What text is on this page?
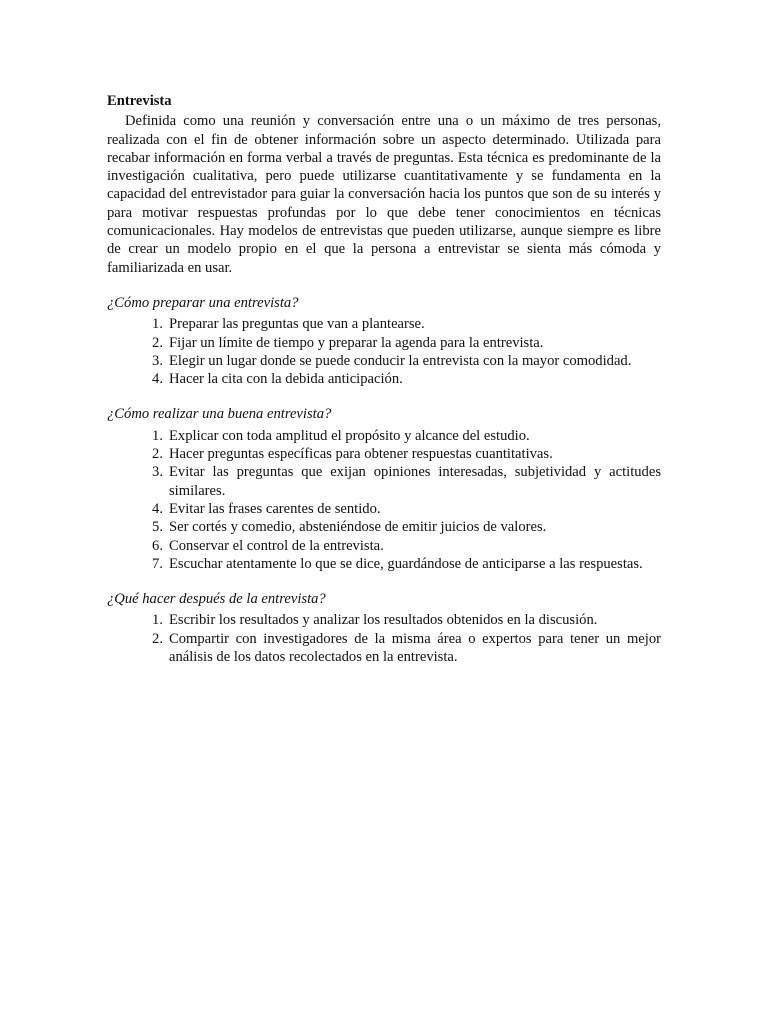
Entrevista

Definida como una reunión y conversación entre una o un máximo de tres personas, realizada con el fin de obtener información sobre un aspecto determinado. Utilizada para recabar información en forma verbal a través de preguntas. Esta técnica es predominante de la investigación cualitativa, pero puede utilizarse cuantitativamente y se fundamenta en la capacidad del entrevistador para guiar la conversación hacia los puntos que son de su interés y para motivar respuestas profundas por lo que debe tener conocimientos en técnicas comunicacionales. Hay modelos de entrevistas que pueden utilizarse, aunque siempre es libre de crear un modelo propio en el que la persona a entrevistar se sienta más cómoda y familiarizada en usar.

¿Cómo preparar una entrevista?
1. Preparar las preguntas que van a plantearse.
2. Fijar un límite de tiempo y preparar la agenda para la entrevista.
3. Elegir un lugar donde se puede conducir la entrevista con la mayor comodidad.
4. Hacer la cita con la debida anticipación.
¿Cómo realizar una buena entrevista?
1. Explicar con toda amplitud el propósito y alcance del estudio.
2. Hacer preguntas específicas para obtener respuestas cuantitativas.
3. Evitar las preguntas que exijan opiniones interesadas, subjetividad y actitudes similares.
4. Evitar las frases carentes de sentido.
5. Ser cortés y comedio, absteniéndose de emitir juicios de valores.
6. Conservar el control de la entrevista.
7. Escuchar atentamente lo que se dice, guardándose de anticiparse a las respuestas.
¿Qué hacer después de la entrevista?
1. Escribir los resultados y analizar los resultados obtenidos en la discusión.
2. Compartir con investigadores de la misma área o expertos para tener un mejor análisis de los datos recolectados en la entrevista.
